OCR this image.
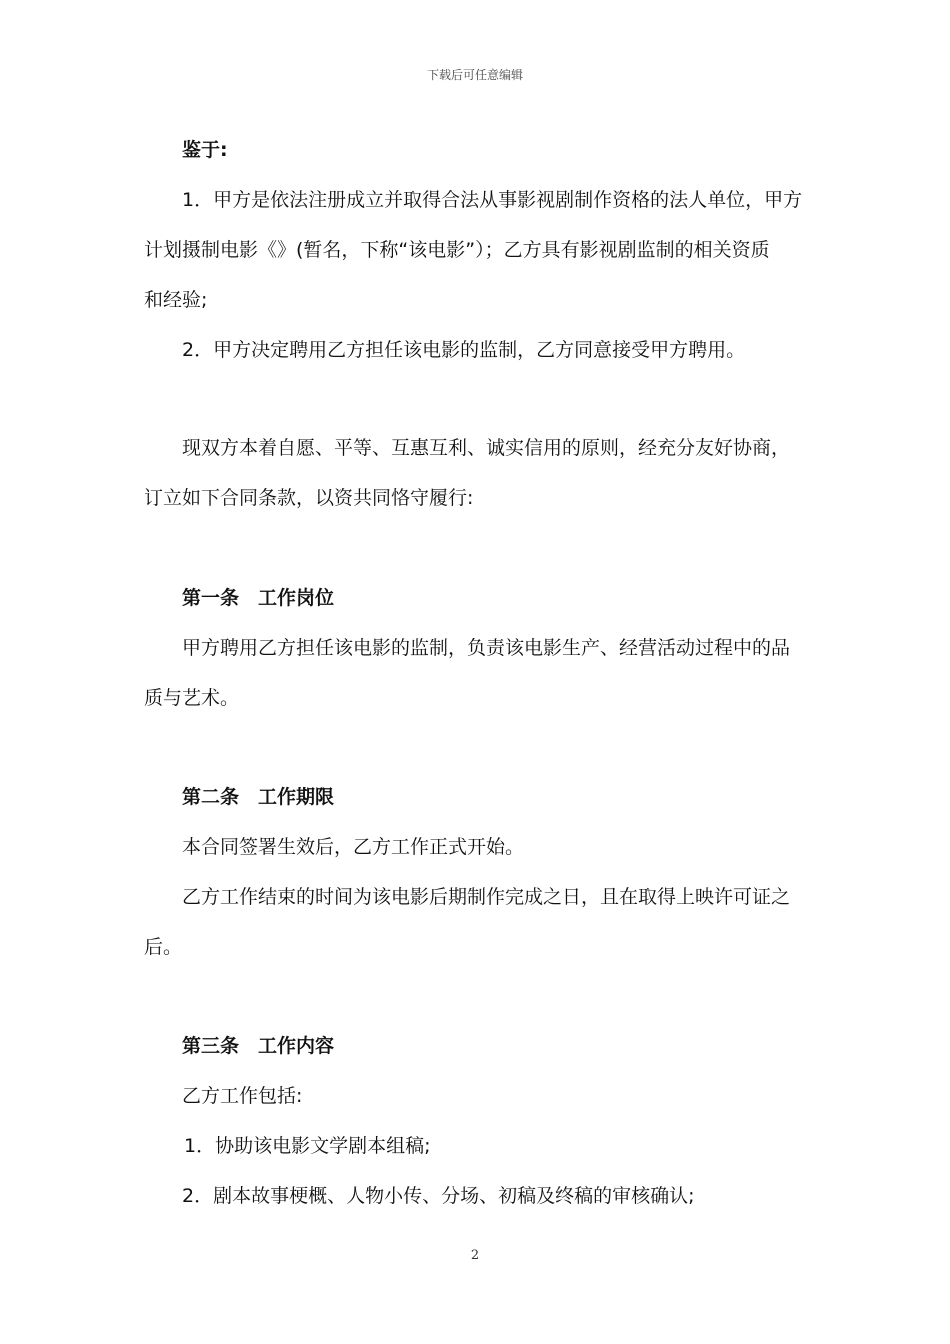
下载后可任意编辑
鉴于:
1．甲方是依法注册成立并取得合法从事影视剧制作资格的法人单位，甲方
计划摄制电影《》(暂名，下称“该电影”）；乙方具有影视剧监制的相关资质
和经验;
2．甲方决定聘用乙方担任该电影的监制，乙方同意接受甲方聘用。
现双方本着自愿、平等、互惠互利、诚实信用的原则，经充分友好协商，
订立如下合同条款，以资共同恪守履行:
第一条　工作岗位
甲方聘用乙方担任该电影的监制，负责该电影生产、经营活动过程中的品
质与艺术。
第二条　工作期限
本合同签署生效后，乙方工作正式开始。
乙方工作结束的时间为该电影后期制作完成之日，且在取得上映许可证之
后。
第三条　工作内容
乙方工作包括:
1．协助该电影文学剧本组稿;
2．剧本故事梗概、人物小传、分场、初稿及终稿的审核确认;
2
